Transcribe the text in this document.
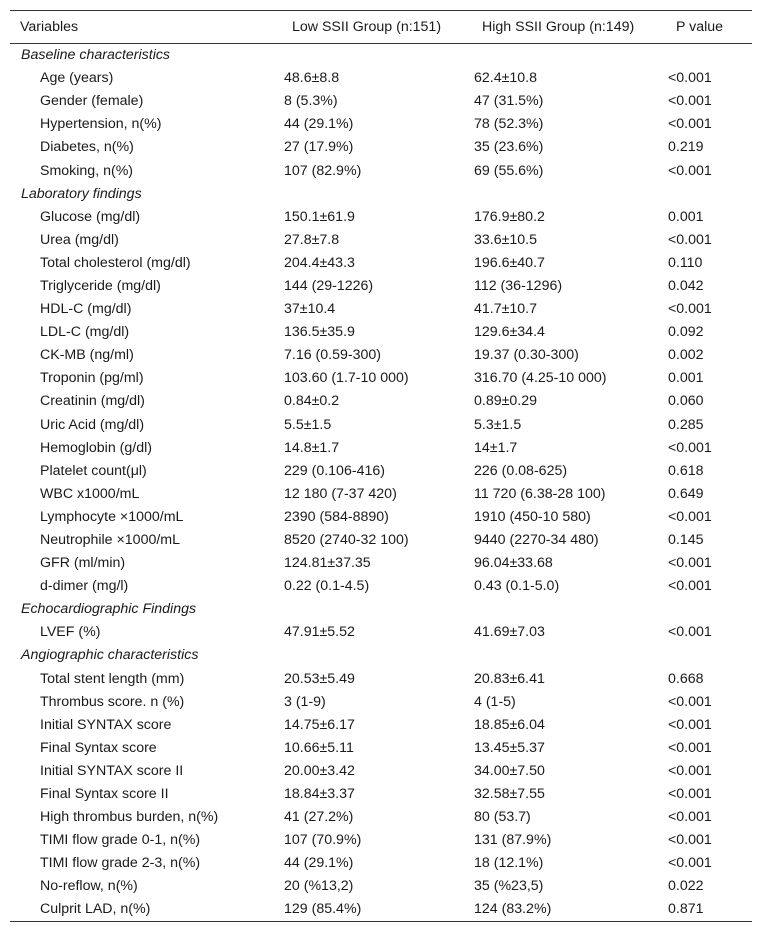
Variables	Low SSII Group (n:151)	High SSII Group (n:149)	P value
Baseline characteristics			
Age (years)	48.6±8.8	62.4±10.8	<0.001
Gender (female)	8 (5.3%)	47 (31.5%)	<0.001
Hypertension, n(%)	44 (29.1%)	78 (52.3%)	<0.001
Diabetes, n(%)	27 (17.9%)	35 (23.6%)	0.219
Smoking, n(%)	107 (82.9%)	69 (55.6%)	<0.001
Laboratory findings			
Glucose (mg/dl)	150.1±61.9	176.9±80.2	0.001
Urea (mg/dl)	27.8±7.8	33.6±10.5	<0.001
Total cholesterol (mg/dl)	204.4±43.3	196.6±40.7	0.110
Triglyceride (mg/dl)	144 (29-1226)	112 (36-1296)	0.042
HDL-C (mg/dl)	37±10.4	41.7±10.7	<0.001
LDL-C (mg/dl)	136.5±35.9	129.6±34.4	0.092
CK-MB (ng/ml)	7.16 (0.59-300)	19.37 (0.30-300)	0.002
Troponin (pg/ml)	103.60 (1.7-10 000)	316.70 (4.25-10 000)	0.001
Creatinin (mg/dl)	0.84±0.2	0.89±0.29	0.060
Uric Acid (mg/dl)	5.5±1.5	5.3±1.5	0.285
Hemoglobin (g/dl)	14.8±1.7	14±1.7	<0.001
Platelet count(μl)	229 (0.106-416)	226 (0.08-625)	0.618
WBC x1000/mL	12 180 (7-37 420)	11 720 (6.38-28 100)	0.649
Lymphocyte ×1000/mL	2390 (584-8890)	1910 (450-10 580)	<0.001
Neutrophile ×1000/mL	8520 (2740-32 100)	9440 (2270-34 480)	0.145
GFR (ml/min)	124.81±37.35	96.04±33.68	<0.001
d-dimer (mg/l)	0.22 (0.1-4.5)	0.43 (0.1-5.0)	<0.001
Echocardiographic Findings			
LVEF (%)	47.91±5.52	41.69±7.03	<0.001
Angiographic characteristics			
Total stent length (mm)	20.53±5.49	20.83±6.41	0.668
Thrombus score. n (%)	3 (1-9)	4 (1-5)	<0.001
Initial SYNTAX score	14.75±6.17	18.85±6.04	<0.001
Final Syntax score	10.66±5.11	13.45±5.37	<0.001
Initial SYNTAX score II	20.00±3.42	34.00±7.50	<0.001
Final Syntax score II	18.84±3.37	32.58±7.55	<0.001
High thrombus burden, n(%)	41 (27.2%)	80 (53.7)	<0.001
TIMI flow grade 0-1, n(%)	107 (70.9%)	131 (87.9%)	<0.001
TIMI flow grade 2-3, n(%)	44 (29.1%)	18 (12.1%)	<0.001
No-reflow, n(%)	20 (%13,2)	35 (%23,5)	0.022
Culprit LAD, n(%)	129 (85.4%)	124 (83.2%)	0.871
